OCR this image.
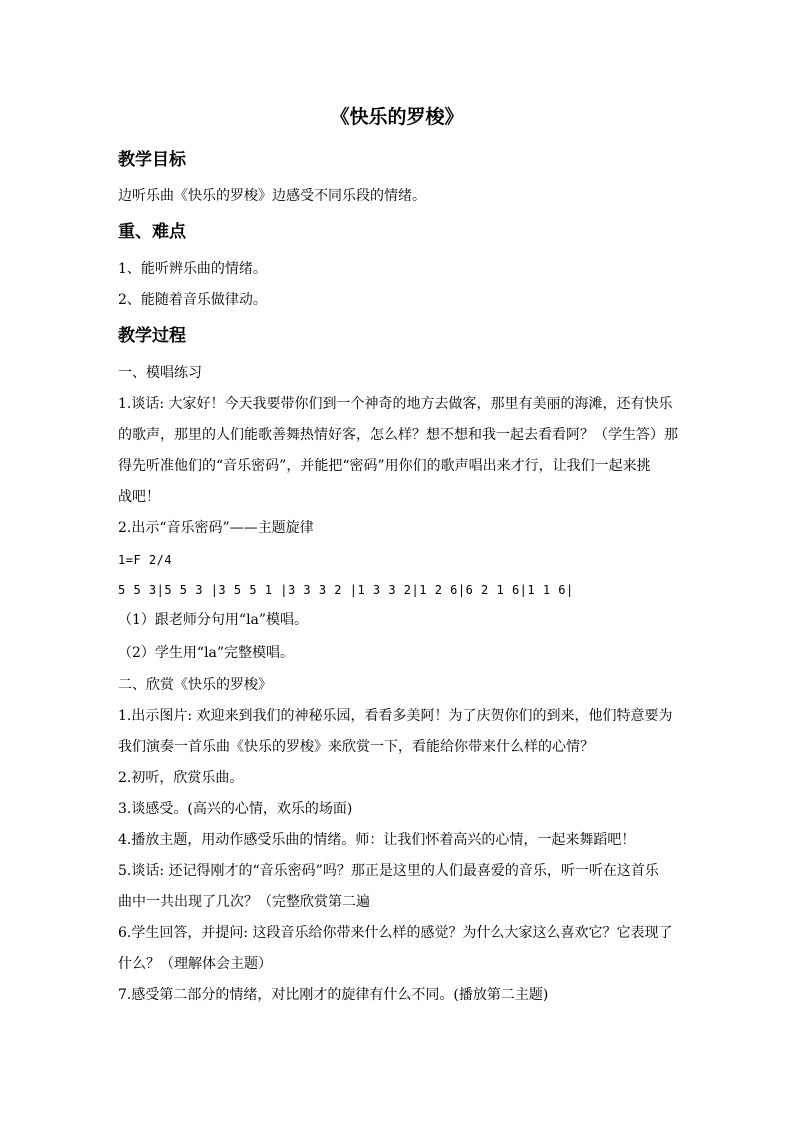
《快乐的罗梭》
教学目标
边听乐曲《快乐的罗梭》边感受不同乐段的情绪。
重、难点
1、能听辨乐曲的情绪。
2、能随着音乐做律动。
教学过程
一、模唱练习
1.谈话: 大家好！今天我要带你们到一个神奇的地方去做客，那里有美丽的海滩，还有快乐
的歌声，那里的人们能歌善舞热情好客，怎么样？想不想和我一起去看看阿？（学生答）那
得先听准他们的“音乐密码”，并能把“密码”用你们的歌声唱出来才行，让我们一起来挑
战吧！
2.出示“音乐密码”——主题旋律
1=F 2/4
5 5 3|5 5 3 |3 5 5 1 |3 3 3 2 |1 3 3 2|1 2 6|6 2 1 6|1 1 6|
（1）跟老师分句用“la”模唱。
（2）学生用“la”完整模唱。
二、欣赏《快乐的罗梭》
1.出示图片: 欢迎来到我们的神秘乐园，看看多美阿！为了庆贺你们的到来，他们特意要为
我们演奏一首乐曲《快乐的罗梭》来欣赏一下，看能给你带来什么样的心情？
2.初听，欣赏乐曲。
3.谈感受。(高兴的心情，欢乐的场面)
4.播放主题，用动作感受乐曲的情绪。师：让我们怀着高兴的心情，一起来舞蹈吧！
5.谈话: 还记得刚才的“音乐密码”吗？那正是这里的人们最喜爱的音乐，听一听在这首乐
曲中一共出现了几次？（完整欣赏第二遍
6.学生回答，并提问: 这段音乐给你带来什么样的感觉？为什么大家这么喜欢它？它表现了
什么？（理解体会主题）
7.感受第二部分的情绪，对比刚才的旋律有什么不同。(播放第二主题)
